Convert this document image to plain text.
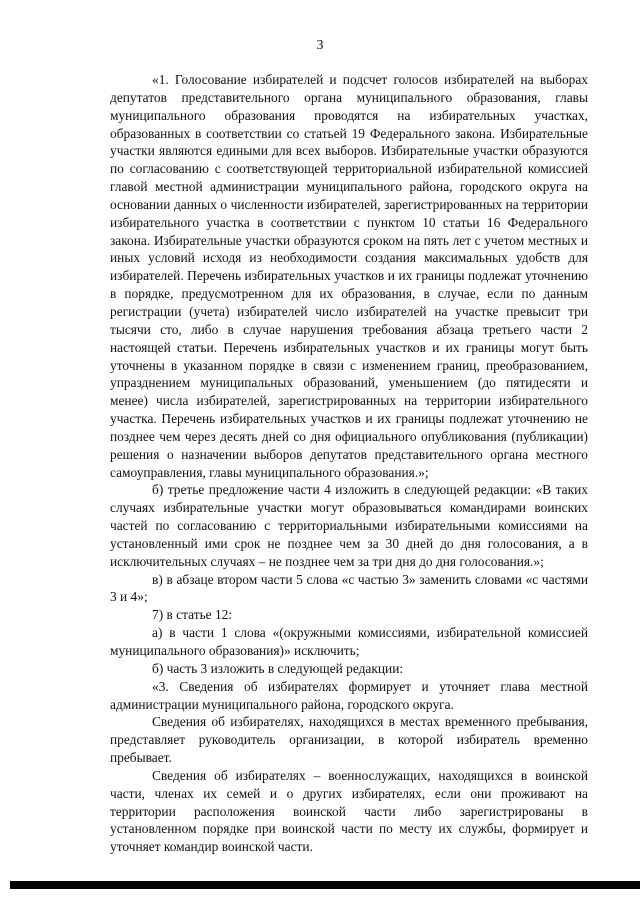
3

«1. Голосование избирателей и подсчет голосов избирателей на выборах депутатов представительного органа муниципального образования, главы муниципального образования проводятся на избирательных участках, образованных в соответствии со статьей 19 Федерального закона. Избирательные участки являются едиными для всех выборов. Избирательные участки образуются по согласованию с соответствующей территориальной избирательной комиссией главой местной администрации муниципального района, городского округа на основании данных о численности избирателей, зарегистрированных на территории избирательного участка в соответствии с пунктом 10 статьи 16 Федерального закона. Избирательные участки образуются сроком на пять лет с учетом местных и иных условий исходя из необходимости создания максимальных удобств для избирателей. Перечень избирательных участков и их границы подлежат уточнению в порядке, предусмотренном для их образования, в случае, если по данным регистрации (учета) избирателей число избирателей на участке превысит три тысячи сто, либо в случае нарушения требования абзаца третьего части 2 настоящей статьи. Перечень избирательных участков и их границы могут быть уточнены в указанном порядке в связи с изменением границ, преобразованием, упразднением муниципальных образований, уменьшением (до пятидесяти и менее) числа избирателей, зарегистрированных на территории избирательного участка. Перечень избирательных участков и их границы подлежат уточнению не позднее чем через десять дней со дня официального опубликования (публикации) решения о назначении выборов депутатов представительного органа местного самоуправления, главы муниципального образования.»;

б) третье предложение части 4 изложить в следующей редакции: «В таких случаях избирательные участки могут образовываться командирами воинских частей по согласованию с территориальными избирательными комиссиями на установленный ими срок не позднее чем за 30 дней до дня голосования, а в исключительных случаях – не позднее чем за три дня до дня голосования.»;

в) в абзаце втором части 5 слова «с частью 3» заменить словами «с частями 3 и 4»;

7) в статье 12:

а) в части 1 слова «(окружными комиссиями, избирательной комиссией муниципального образования)» исключить;

б) часть 3 изложить в следующей редакции:

«3. Сведения об избирателях формирует и уточняет глава местной администрации муниципального района, городского округа.

Сведения об избирателях, находящихся в местах временного пребывания, представляет руководитель организации, в которой избиратель временно пребывает.

Сведения об избирателях – военнослужащих, находящихся в воинской части, членах их семей и о других избирателях, если они проживают на территории расположения воинской части либо зарегистрированы в установленном порядке при воинской части по месту их службы, формирует и уточняет командир воинской части.
